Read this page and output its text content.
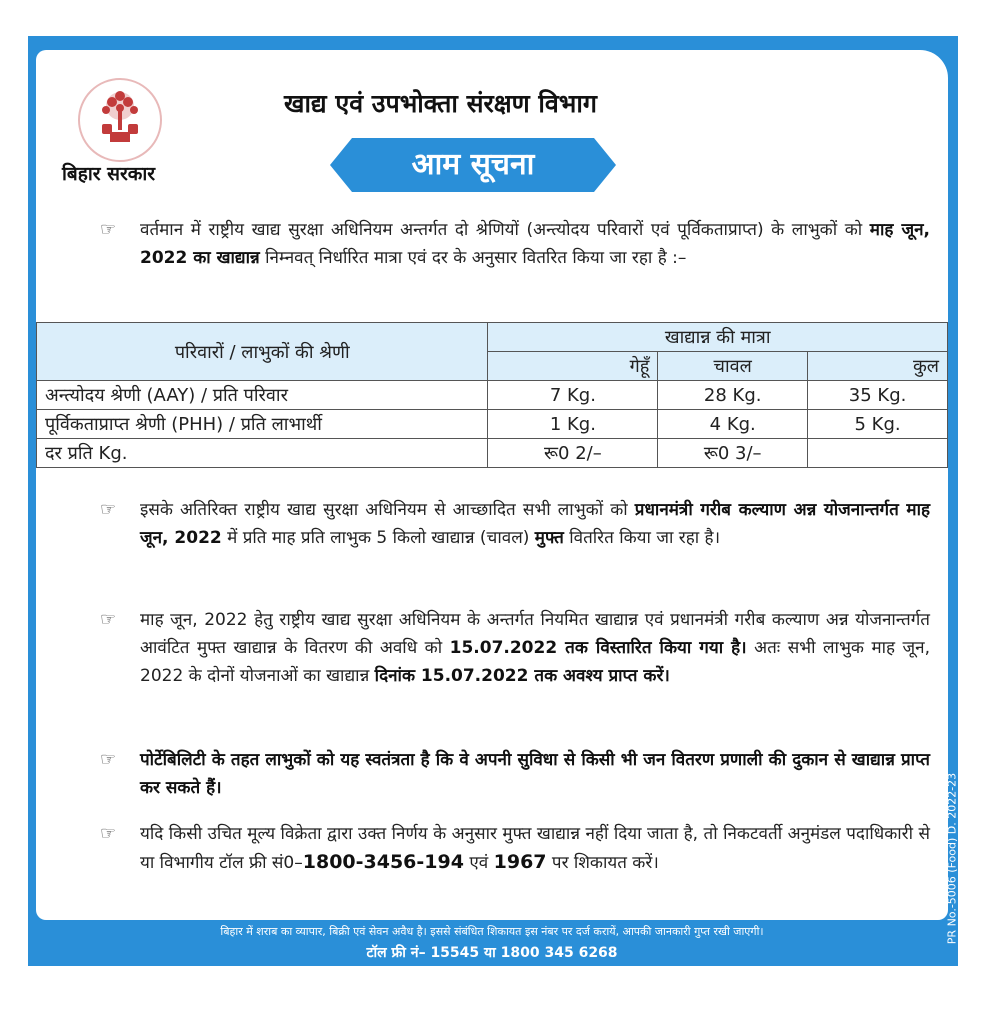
बिहार सरकार
खाद्य एवं उपभोक्ता संरक्षण विभाग
आम सूचना
☞ वर्तमान में राष्ट्रीय खाद्य सुरक्षा अधिनियम अन्तर्गत दो श्रेणियों (अन्त्योदय परिवारों एवं पूर्विकताप्राप्त) के लाभुकों को माह जून, 2022 का खाद्यान्न निम्नवत् निर्धारित मात्रा एवं दर के अनुसार वितरित किया जा रहा है :–
परिवारों / लाभुकों की श्रेणी	खाद्यान्न की मात्रा		
	गेहूँ	चावल	कुल
अन्त्योदय श्रेणी (AAY) / प्रति परिवार	7 Kg.	28 Kg.	35 Kg.
पूर्विकताप्राप्त श्रेणी (PHH) / प्रति लाभार्थी	1 Kg.	4 Kg.	5 Kg.
दर प्रति Kg.	रू0 2/–	रू0 3/–	
☞ इसके अतिरिक्त राष्ट्रीय खाद्य सुरक्षा अधिनियम से आच्छादित सभी लाभुकों को प्रधानमंत्री गरीब कल्याण अन्न योजनान्तर्गत माह जून, 2022 में प्रति माह प्रति लाभुक 5 किलो खाद्यान्न (चावल) मुफ्त वितरित किया जा रहा है।
☞ माह जून, 2022 हेतु राष्ट्रीय खाद्य सुरक्षा अधिनियम के अन्तर्गत नियमित खाद्यान्न एवं प्रधानमंत्री गरीब कल्याण अन्न योजनान्तर्गत आवंटित मुफ्त खाद्यान्न के वितरण की अवधि को 15.07.2022 तक विस्तारित किया गया है। अतः सभी लाभुक माह जून, 2022 के दोनों योजनाओं का खाद्यान्न दिनांक 15.07.2022 तक अवश्य प्राप्त करें।
☞ पोर्टेबिलिटी के तहत लाभुकों को यह स्वतंत्रता है कि वे अपनी सुविधा से किसी भी जन वितरण प्रणाली की दुकान से खाद्यान्न प्राप्त कर सकते हैं।
☞ यदि किसी उचित मूल्य विक्रेता द्वारा उक्त निर्णय के अनुसार मुफ्त खाद्यान्न नहीं दिया जाता है, तो निकटवर्ती अनुमंडल पदाधिकारी से या विभागीय टॉल फ्री सं0–1800-3456-194 एवं 1967 पर शिकायत करें।
बिहार में शराब का व्यापार, बिक्री एवं सेवन अवैध है। इससे संबंधित शिकायत इस नंबर पर दर्ज करायें, आपकी जानकारी गुप्त रखी जाएगी।
टॉल फ्री नं– 15545 या 1800 345 6268
PR No.-5006 (Food) D. 2022-23
